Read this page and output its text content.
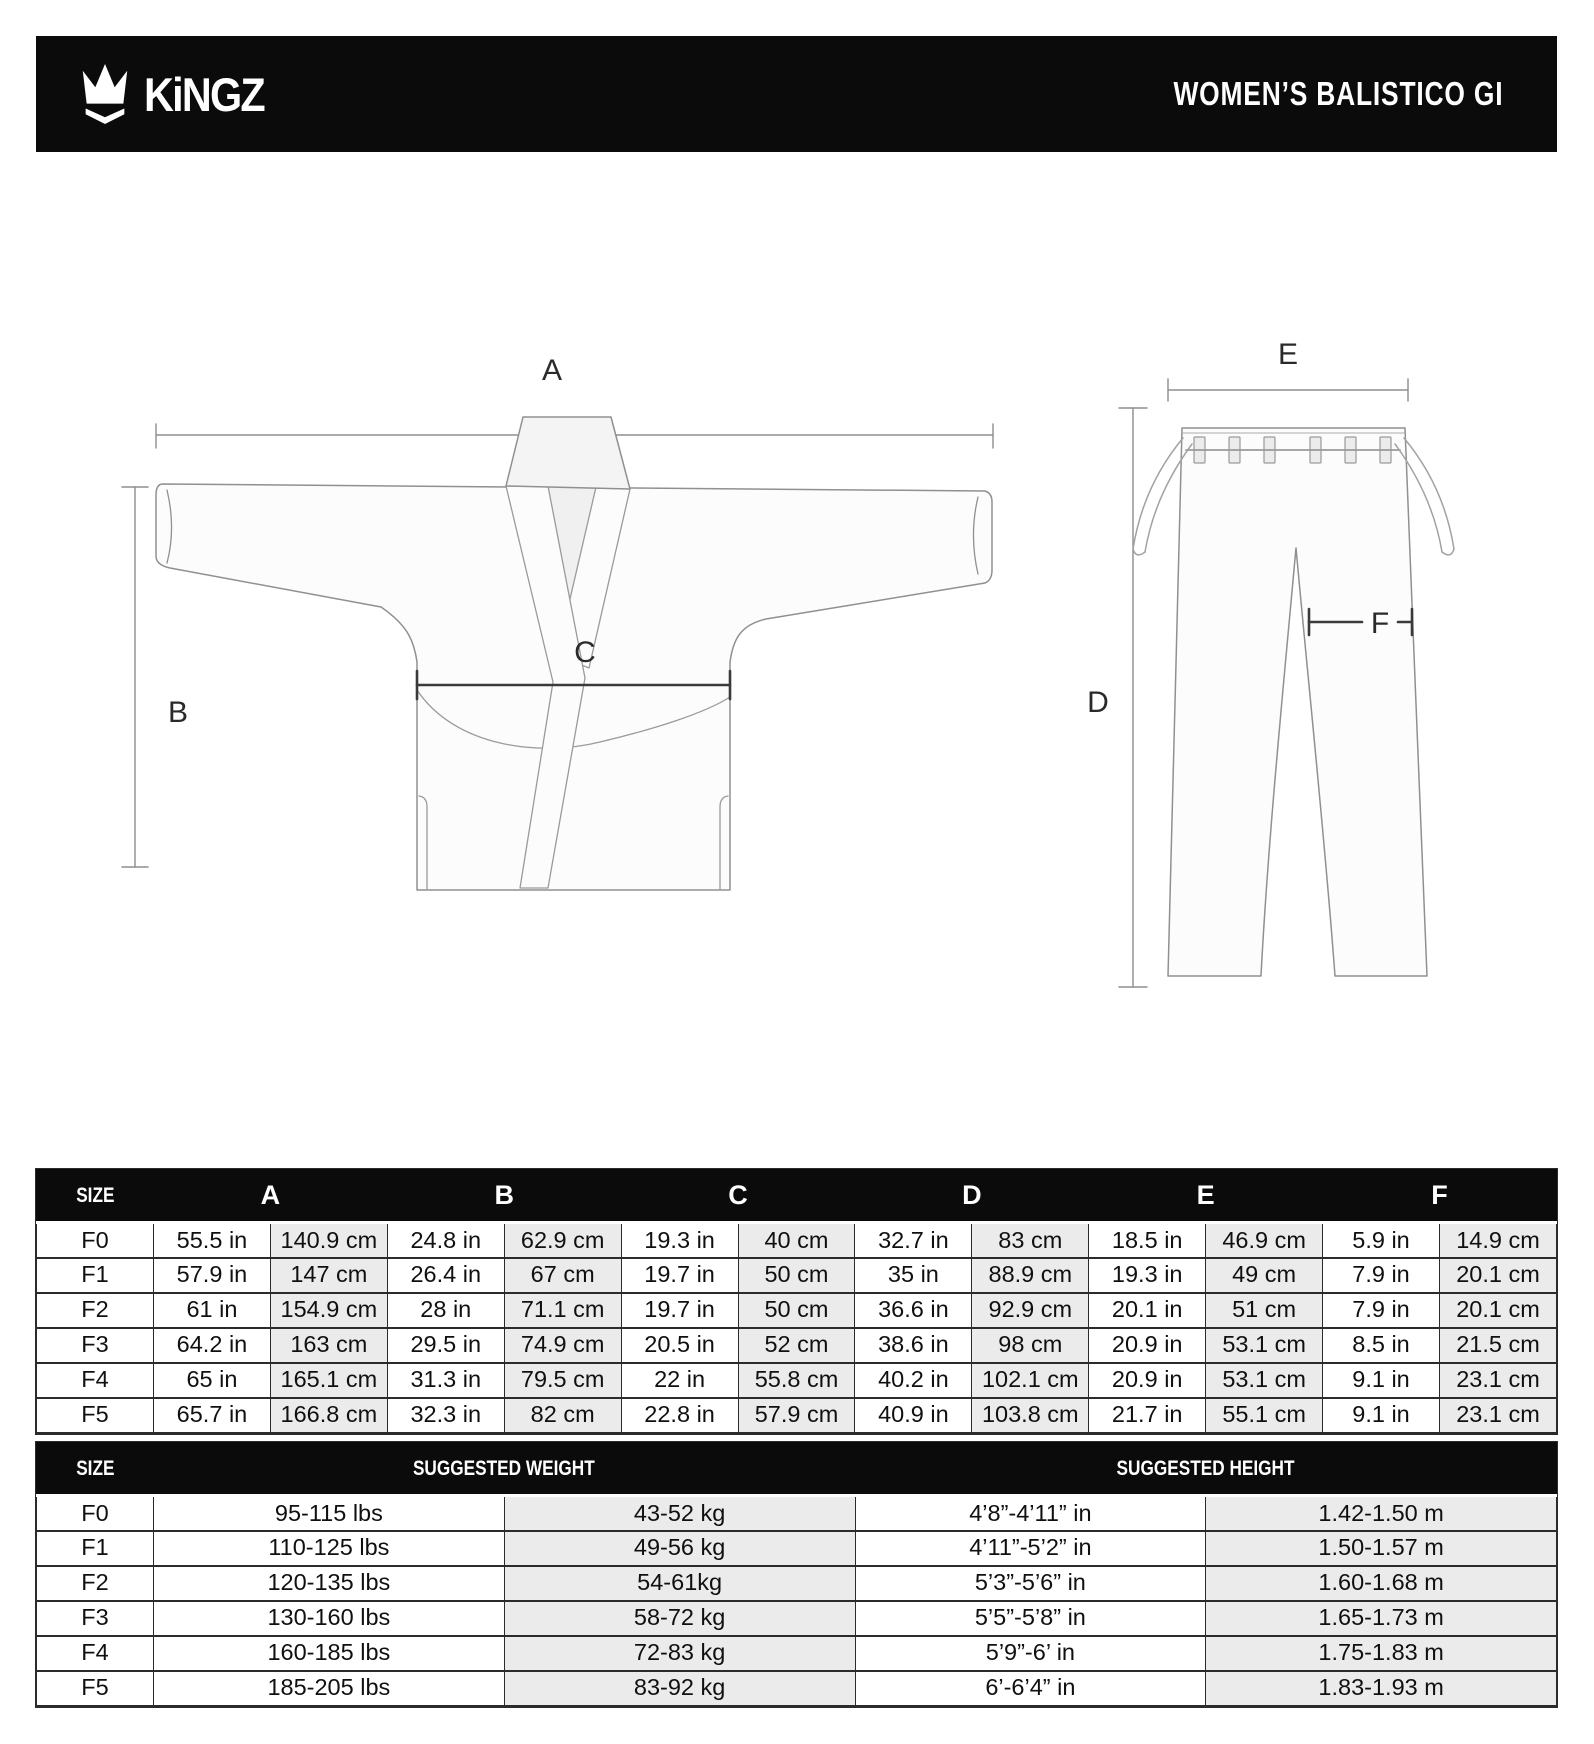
KiNGZ	WOMEN’S BALISTICO GI
A
B
C
E
D
F
SIZE	A		B		C		D		E		F	
F0	55.5 in	140.9 cm	24.8 in	62.9 cm	19.3 in	40 cm	32.7 in	83 cm	18.5 in	46.9 cm	5.9 in	14.9 cm
F1	57.9 in	147 cm	26.4 in	67 cm	19.7 in	50 cm	35 in	88.9 cm	19.3 in	49 cm	7.9 in	20.1 cm
F2	61 in	154.9 cm	28 in	71.1 cm	19.7 in	50 cm	36.6 in	92.9 cm	20.1 in	51 cm	7.9 in	20.1 cm
F3	64.2 in	163 cm	29.5 in	74.9 cm	20.5 in	52 cm	38.6 in	98 cm	20.9 in	53.1 cm	8.5 in	21.5 cm
F4	65 in	165.1 cm	31.3 in	79.5 cm	22 in	55.8 cm	40.2 in	102.1 cm	20.9 in	53.1 cm	9.1 in	23.1 cm
F5	65.7 in	166.8 cm	32.3 in	82 cm	22.8 in	57.9 cm	40.9 in	103.8 cm	21.7 in	55.1 cm	9.1 in	23.1 cm
SIZE	SUGGESTED WEIGHT		SUGGESTED HEIGHT	
F0	95-115 lbs	43-52 kg	4’8”-4’11” in	1.42-1.50 m
F1	110-125 lbs	49-56 kg	4’11”-5’2” in	1.50-1.57 m
F2	120-135 lbs	54-61kg	5’3”-5’6” in	1.60-1.68 m
F3	130-160 lbs	58-72 kg	5’5”-5’8” in	1.65-1.73 m
F4	160-185 lbs	72-83 kg	5’9”-6’ in	1.75-1.83 m
F5	185-205 lbs	83-92 kg	6’-6’4” in	1.83-1.93 m
